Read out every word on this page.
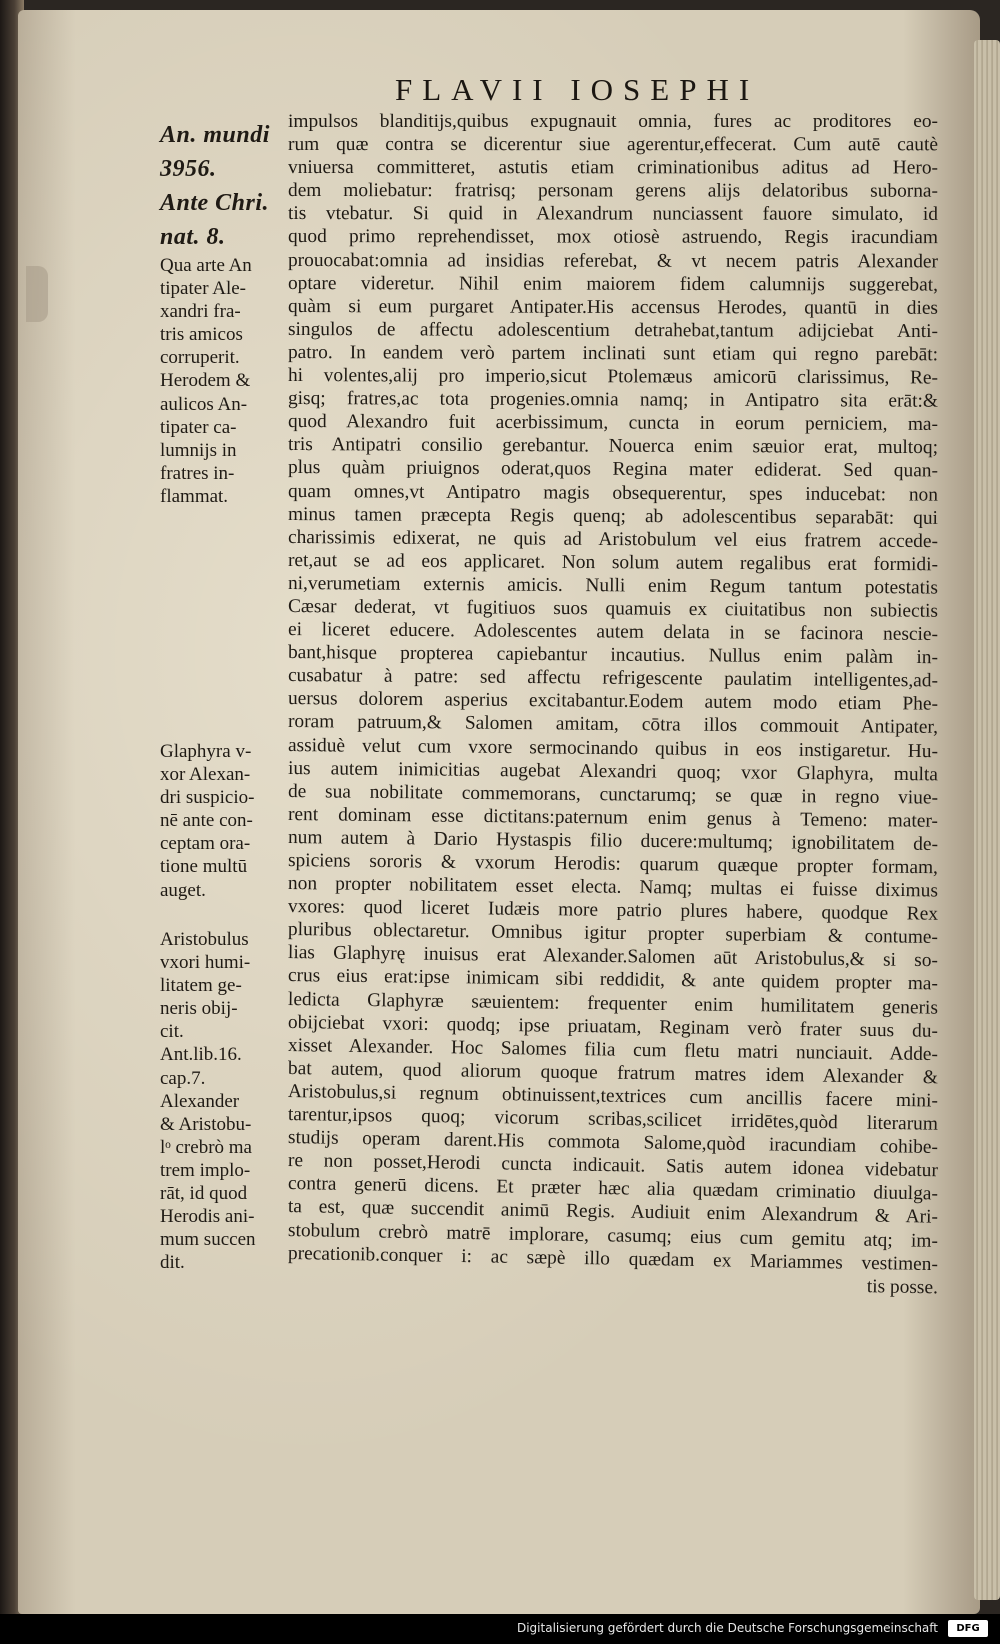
FLAVII IOSEPHI
An. mundi
3956.
Ante Chri.
nat. 8.
Qua arte An
tipater Ale-
xandri fra-
tris amicos
corruperit.
Herodem &
aulicos An-
tipater ca-
lumnijs in
fratres in-
flammat.
Glaphyra v-
xor Alexan-
dri suspicio-
nē ante con-
ceptam ora-
tione multū
auget.
Aristobulus
vxori humi-
litatem ge-
neris obij-
cit.
Ant.lib.16.
cap.7.
Alexander
& Aristobu-
lᵒ crebrò ma
trem implo-
rāt, id quod
Herodis ani-
mum succen
dit.
impulsos blanditijs,quibus expugnauit omnia, fures ac proditores eo-
rum quæ contra se dicerentur siue agerentur,effecerat. Cum autē cautè
vniuersa committeret, astutis etiam criminationibus aditus ad Hero-
dem moliebatur: fratrisq; personam gerens alijs delatoribus suborna-
tis vtebatur. Si quid in Alexandrum nunciassent fauore simulato, id
quod primo reprehendisset, mox otiosè astruendo, Regis iracundiam
prouocabat:omnia ad insidias referebat, & vt necem patris Alexander
optare videretur. Nihil enim maiorem fidem calumnijs suggerebat,
quàm si eum purgaret Antipater.His accensus Herodes, quantū in dies
singulos de affectu adolescentium detrahebat,tantum adijciebat Anti-
patro. In eandem verò partem inclinati sunt etiam qui regno parebāt:
hi volentes,alij pro imperio,sicut Ptolemæus amicorū clarissimus, Re-
gisq; fratres,ac tota progenies.omnia namq; in Antipatro sita erāt:&
quod Alexandro fuit acerbissimum, cuncta in eorum perniciem, ma-
tris Antipatri consilio gerebantur. Nouerca enim sæuior erat, multoq;
plus quàm priuignos oderat,quos Regina mater ediderat. Sed quan-
quam omnes,vt Antipatro magis obsequerentur, spes inducebat: non
minus tamen præcepta Regis quenq; ab adolescentibus separabāt: qui
charissimis edixerat, ne quis ad Aristobulum vel eius fratrem accede-
ret,aut se ad eos applicaret. Non solum autem regalibus erat formidi-
ni,verumetiam externis amicis. Nulli enim Regum tantum potestatis
Cæsar dederat, vt fugitiuos suos quamuis ex ciuitatibus non subiectis
ei liceret educere. Adolescentes autem delata in se facinora nescie-
bant,hisque propterea capiebantur incautius. Nullus enim palàm in-
cusabatur à patre: sed affectu refrigescente paulatim intelligentes,ad-
uersus dolorem asperius excitabantur.Eodem autem modo etiam Phe-
roram patruum,& Salomen amitam, cōtra illos commouit Antipater,
assiduè velut cum vxore sermocinando quibus in eos instigaretur. Hu-
ius autem inimicitias augebat Alexandri quoq; vxor Glaphyra, multa
de sua nobilitate commemorans, cunctarumq; se quæ in regno viue-
rent dominam esse dictitans:paternum enim genus à Temeno: mater-
num autem à Dario Hystaspis filio ducere:multumq; ignobilitatem de-
spiciens sororis & vxorum Herodis: quarum quæque propter formam,
non propter nobilitatem esset electa. Namq; multas ei fuisse diximus
vxores: quod liceret Iudæis more patrio plures habere, quodque Rex
pluribus oblectaretur. Omnibus igitur propter superbiam & contume-
lias Glaphyrę inuisus erat Alexander.Salomen aūt Aristobulus,& si so-
crus eius erat:ipse inimicam sibi reddidit, & ante quidem propter ma-
ledicta Glaphyræ sæuientem: frequenter enim humilitatem generis
obijciebat vxori: quodq; ipse priuatam, Reginam verò frater suus du-
xisset Alexander. Hoc Salomes filia cum fletu matri nunciauit. Adde-
bat autem, quod aliorum quoque fratrum matres idem Alexander &
Aristobulus,si regnum obtinuissent,textrices cum ancillis facere mini-
tarentur,ipsos quoq; vicorum scribas,scilicet irridētes,quòd literarum
studijs operam darent.His commota Salome,quòd iracundiam cohibe-
re non posset,Herodi cuncta indicauit. Satis autem idonea videbatur
contra generū dicens. Et præter hæc alia quædam criminatio diuulga-
ta est, quæ succendit animū Regis. Audiuit enim Alexandrum & Ari-
stobulum crebrò matrē implorare, casumq; eius cum gemitu atq; im-
precationib.conquer i: ac sæpè illo quædam ex Mariammes vestimen-
tis posse.
Digitalisierung gefördert durch die Deutsche Forschungsgemeinschaft	DFG
